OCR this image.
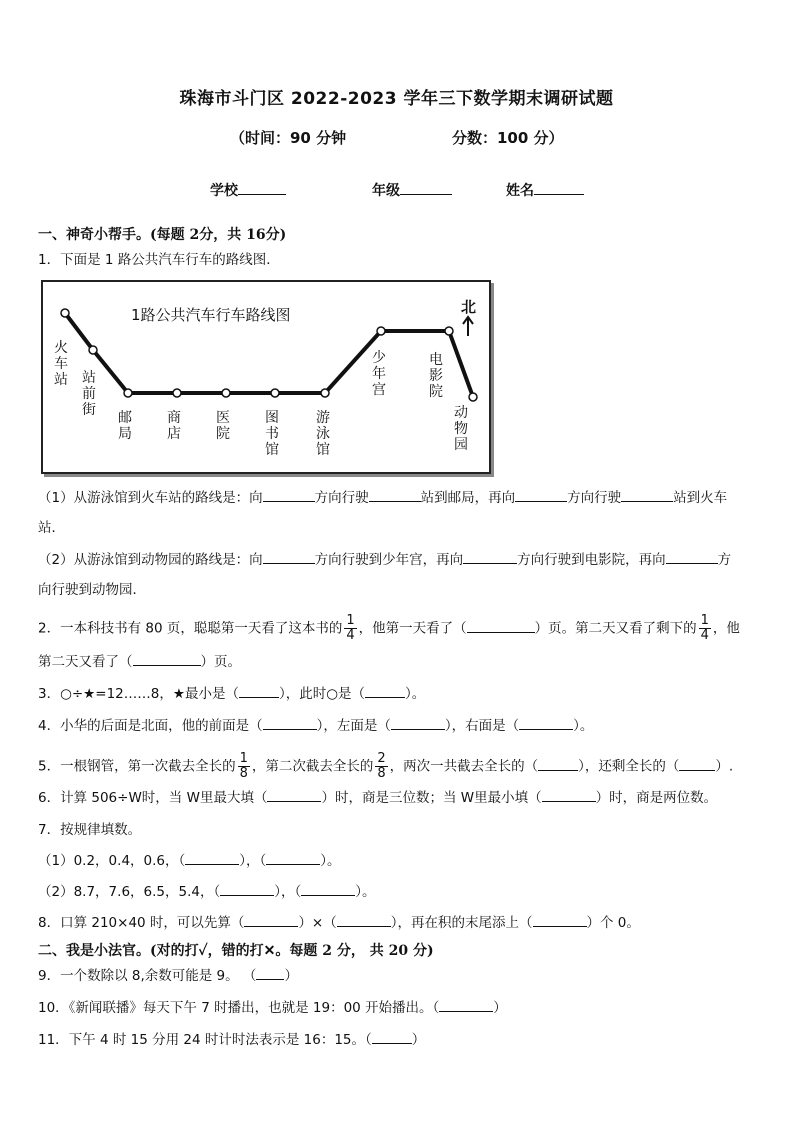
珠海市斗门区 2022-2023 学年三下数学期末调研试题
（时间：90 分钟	分数：100 分）
学校	年级	姓名
一、神奇小帮手。(每题 2分，共 16分)
1．下面是 1 路公共汽车行车的路线图．
1路公共汽车行车路线图	北
火车站 站前街 邮局
商店
医院
图书馆
游泳馆
少年宫
电影院
动物园
（1）从游泳馆到火车站的路线是：向	方向行驶	站到邮局，再向	方向行驶	站到火车
站．
（2）从游泳馆到动物园的路线是：向	方向行驶到少年宫，再向	方向行驶到电影院，再向	方
向行驶到动物园．
2．一本科技书有 80 页，聪聪第一天看了这本书的 $\frac{1}{4}$ ，他第一天看了（	）页。第二天又看了剩下的 $\frac{1}{4}$ ，他
第二天又看了（	）页。
3．○÷★=12……8，★最小是（	），此时○是（	）。
4．小华的后面是北面，他的前面是（	），左面是（	），右面是（	）。
5．一根钢管，第一次截去全长的 $\frac{1}{8}$ ，第二次截去全长的 $\frac{2}{8}$ ，两次一共截去全长的（	），还剩全长的（	）.
6．计算 506÷W时，当 W里最大填（	）时，商是三位数；当 W里最小填（	）时，商是两位数。
7．按规律填数。
（1）0.2，0.4，0.6，（	），（	）。
（2）8.7，7.6，6.5，5.4，（	），（	）。
8．口算 210×40 时，可以先算（	）×（	），再在积的末尾添上（	）个 0。
二、我是小法官。(对的打✓，错的打✕。每题 2 分， 共 20 分)
9．一个数除以 8,余数可能是 9。 （ ）
10．《新闻联播》每天下午 7 时播出，也就是 19：00 开始播出。（	）
11．下午 4 时 15 分用 24 时计时法表示是 16：15。（	）
